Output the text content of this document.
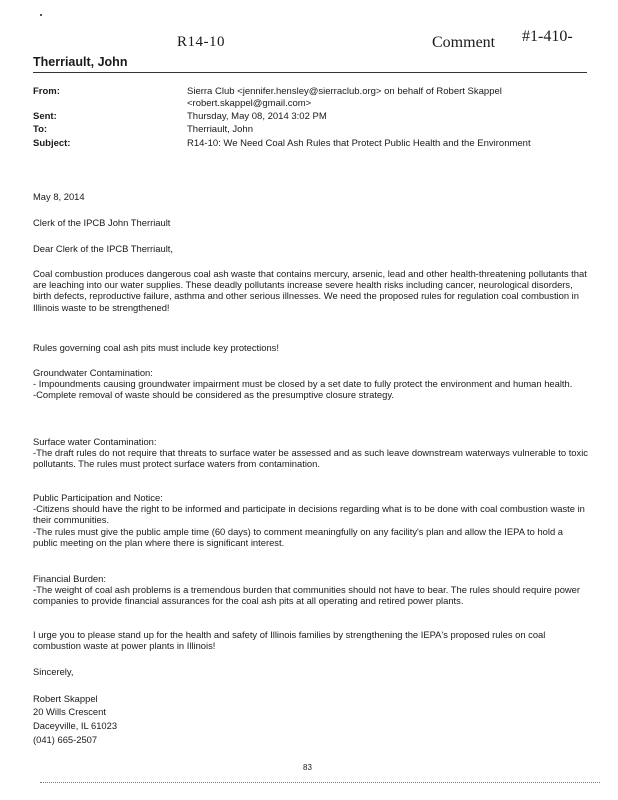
R14-10	Comment #1-410-
Therriault, John
From:	Sierra Club <jennifer.hensley@sierraclub.org> on behalf of Robert Skappel
<robert.skappel@gmail.com>
Sent:	Thursday, May 08, 2014 3:02 PM
To:	Therriault, John
Subject:	R14-10: We Need Coal Ash Rules that Protect Public Health and the Environment
May 8, 2014
Clerk of the IPCB John Therriault
Dear Clerk of the IPCB Therriault,

Coal combustion produces dangerous coal ash waste that contains mercury, arsenic, lead and other health-threatening pollutants that are leaching into our water supplies. These deadly pollutants increase severe health risks including cancer, neurological disorders, birth defects, reproductive failure, asthma and other serious illnesses. We need the proposed rules for regulation coal combustion in Illinois waste to be strengthened!

Rules governing coal ash pits must include key protections!

Groundwater Contamination:

- Impoundments causing groundwater impairment must be closed by a set date to fully protect the environment and human health.

-Complete removal of waste should be considered as the presumptive closure strategy.

Surface water Contamination:

-The draft rules do not require that threats to surface water be assessed and as such leave downstream waterways vulnerable to toxic pollutants. The rules must protect surface waters from contamination.

Public Participation and Notice:

-Citizens should have the right to be informed and participate in decisions regarding what is to be done with coal combustion waste in their communities.

-The rules must give the public ample time (60 days) to comment meaningfully on any facility's plan and allow the IEPA to hold a public meeting on the plan where there is significant interest.

Financial Burden:

-The weight of coal ash problems is a tremendous burden that communities should not have to bear. The rules should require power companies to provide financial assurances for the coal ash pits at all operating and retired power plants.

I urge you to please stand up for the health and safety of Illinois families by strengthening the IEPA's proposed rules on coal combustion waste at power plants in Illinois!

Sincerely,
Robert Skappel
20 Wills Crescent
Daceyville, IL 61023
(041) 665-2507
83
